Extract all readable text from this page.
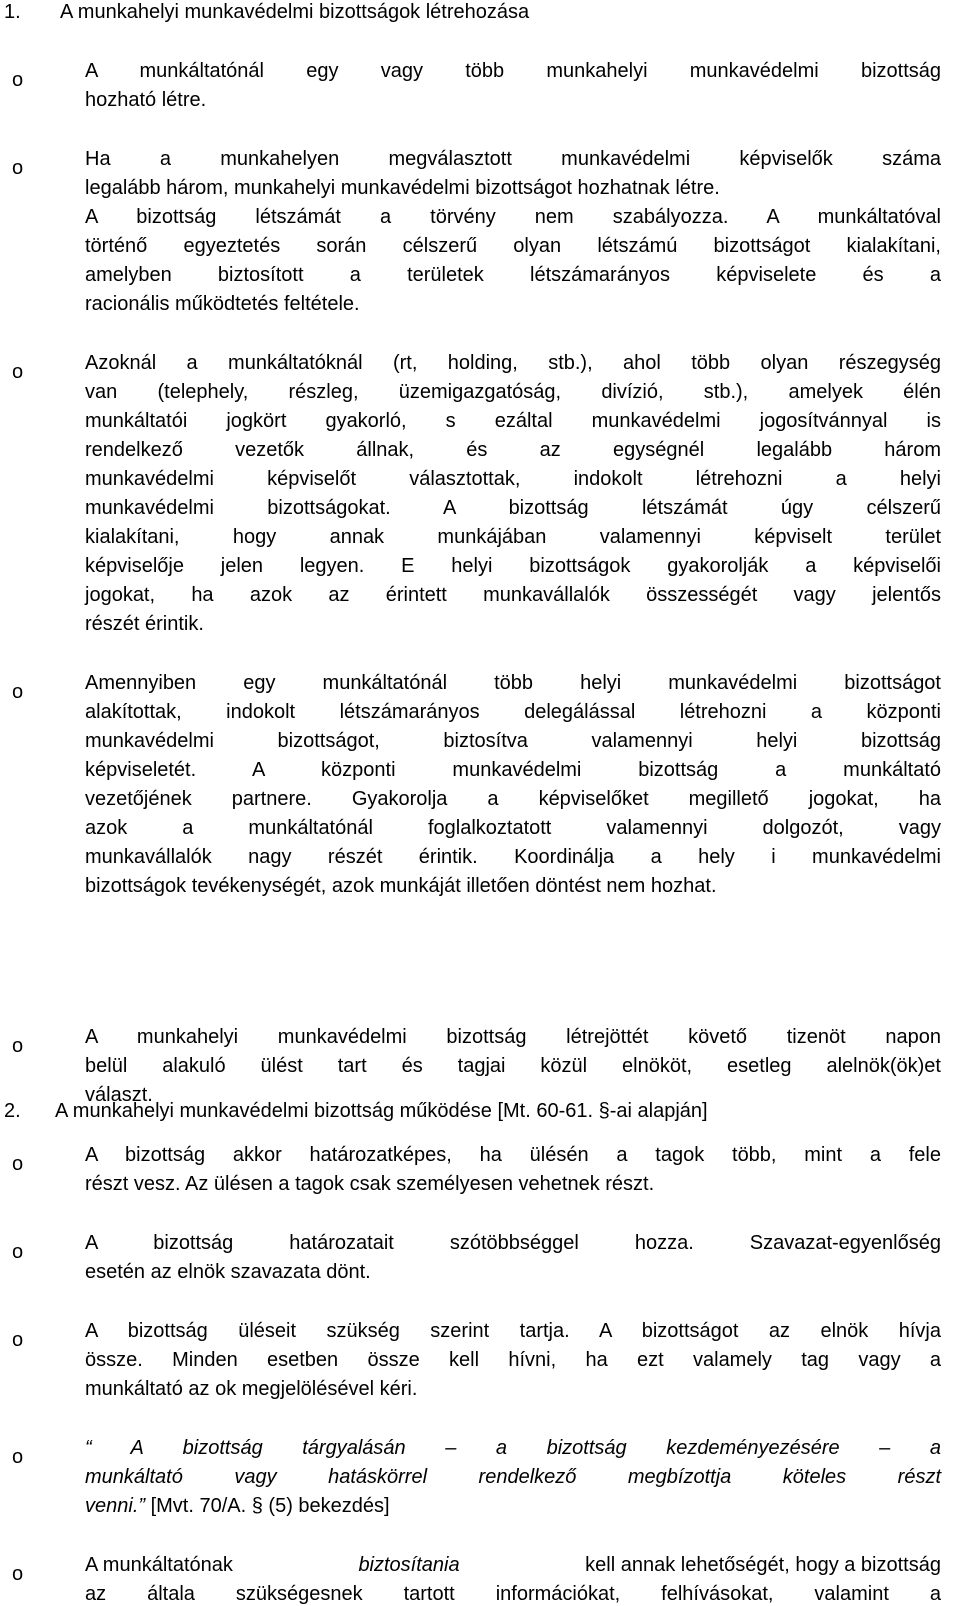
1. A munkahelyi munkavédelmi bizottságok létrehozása
o	A munkáltatónál egy vagy több munkahelyi munkavédelmi bizottság
hozható létre.
o	Ha a munkahelyen megválasztott munkavédelmi képviselők száma
legalább három, munkahelyi munkavédelmi bizottságot hozhatnak létre.
A bizottság létszámát a törvény nem szabályozza. A munkáltatóval
történő egyeztetés során célszerű olyan létszámú bizottságot kialakítani,
amelyben biztosított a területek létszámarányos képviselete és a
racionális működtetés feltétele.
o	Azoknál a munkáltatóknál (rt, holding, stb.), ahol több olyan részegység
van (telephely, részleg, üzemigazgatóság, divízió, stb.), amelyek élén
munkáltatói jogkört gyakorló, s ezáltal munkavédelmi jogosítvánnyal is
rendelkező vezetők állnak, és az egységnél legalább három
munkavédelmi képviselőt választottak, indokolt létrehozni a helyi
munkavédelmi bizottságokat. A bizottság létszámát úgy célszerű
kialakítani, hogy annak munkájában valamennyi képviselt terület
képviselője jelen legyen. E helyi bizottságok gyakorolják a képviselői
jogokat, ha azok az érintett munkavállalók összességét vagy jelentős
részét érintik.
o	Amennyiben egy munkáltatónál több helyi munkavédelmi bizottságot
alakítottak, indokolt létszámarányos delegálással létrehozni a központi
munkavédelmi bizottságot, biztosítva valamennyi helyi bizottság
képviseletét. A központi munkavédelmi bizottság a munkáltató
vezetőjének partnere. Gyakorolja a képviselőket megillető jogokat, ha
azok a munkáltatónál foglalkoztatott valamennyi dolgozót, vagy
munkavállalók nagy részét érintik. Koordinálja a hely i munkavédelmi
bizottságok tevékenységét, azok munkáját illetően döntést nem hozhat.
2. A munkahelyi munkavédelmi bizottság működése [Mt. 60-61. §-ai alapján]
o	A munkahelyi munkavédelmi bizottság létrejöttét követő tizenöt napon
belül alakuló ülést tart és tagjai közül elnököt, esetleg alelnök(ök)et
választ.
o	A bizottság akkor határozatképes, ha ülésén a tagok több, mint a fele
részt vesz. Az ülésen a tagok csak személyesen vehetnek részt.
o	A bizottság határozatait szótöbbséggel hozza. Szavazat-egyenlőség
esetén az elnök szavazata dönt.
o	A bizottság üléseit szükség szerint tartja. A bizottságot az elnök hívja
össze. Minden esetben össze kell hívni, ha ezt valamely tag vagy a
munkáltató az ok megjelölésével kéri.
o	“ A bizottság tárgyalásán – a bizottság kezdeményezésére – a
munkáltató vagy hatáskörrel rendelkező megbízottja köteles részt
venni.” [Mvt. 70/A. § (5) bekezdés]
o	A munkáltatónak	biztosítania	kell annak lehetőségét, hogy a bizottság
az általa szükségesnek tartott információkat, felhívásokat, valamint a
